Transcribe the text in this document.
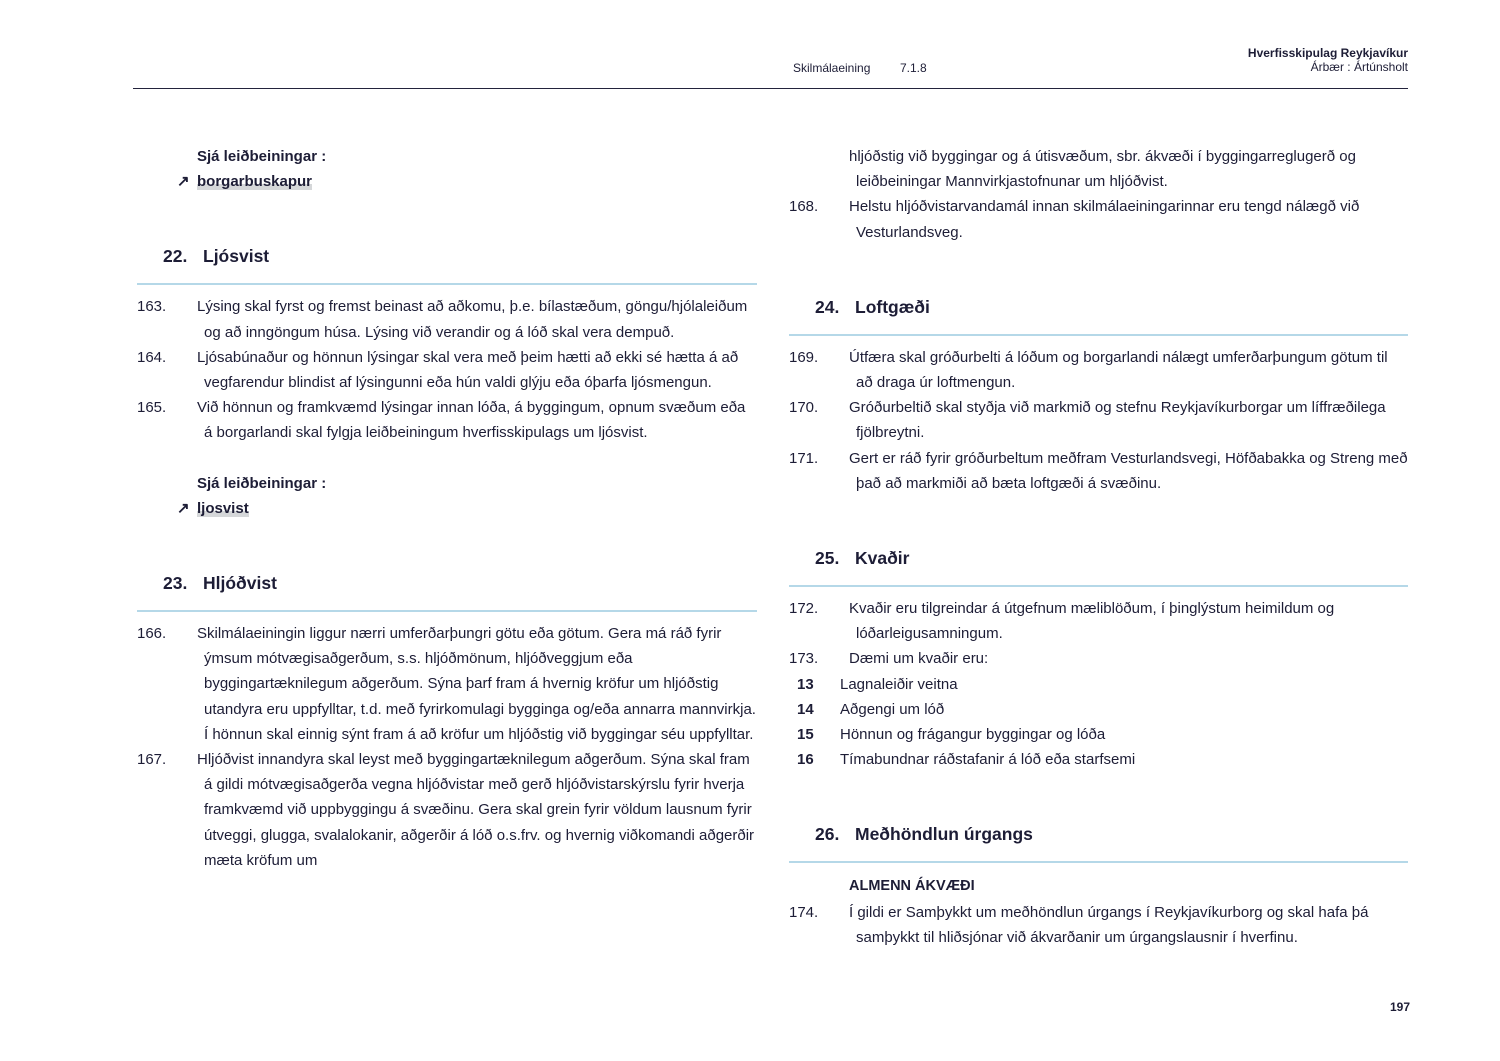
Skilmálaeining 7.1.8
Hverfisskipulag Reykjavíkur
Árbær : Ártúnsholt
Sjá leiðbeiningar :
↗ borgarbuskapur
22. Ljósvist
163.	Lýsing skal fyrst og fremst beinast að aðkomu, þ.e. bílastæðum, göngu/hjólaleiðum og að inngöngum húsa. Lýsing við verandir og á lóð skal vera dempuð.
164.	Ljósabúnaður og hönnun lýsingar skal vera með þeim hætti að ekki sé hætta á að vegfarendur blindist af lýsingunni eða hún valdi glýju eða óþarfa ljósmengun.
165.	Við hönnun og framkvæmd lýsingar innan lóða, á byggingum, opnum svæðum eða á borgarlandi skal fylgja leiðbeiningum hverfisskipulags um ljósvist.
Sjá leiðbeiningar :
↗ ljosvist
23. Hljóðvist
166.	Skilmálaeiningin liggur nærri umferðarþungri götu eða götum. Gera má ráð fyrir ýmsum mótvægisaðgerðum, s.s. hljóðmönum, hljóðveggjum eða byggingartæknilegum aðgerðum. Sýna þarf fram á hvernig kröfur um hljóðstig utandyra eru uppfylltar, t.d. með fyrirkomulagi bygginga og/eða annarra mannvirkja. Í hönnun skal einnig sýnt fram á að kröfur um hljóðstig við byggingar séu uppfylltar.
167.	Hljóðvist innandyra skal leyst með byggingartæknilegum aðgerðum. Sýna skal fram á gildi mótvægisaðgerða vegna hljóðvistar með gerð hljóðvistarskýrslu fyrir hverja framkvæmd við uppbyggingu á svæðinu. Gera skal grein fyrir völdum lausnum fyrir útveggi, glugga, svalalokanir, aðgerðir á lóð o.s.frv. og hvernig viðkomandi aðgerðir mæta kröfum um
hljóðstig við byggingar og á útisvæðum, sbr. ákvæði í byggingarreglugerð og leiðbeiningar Mannvirkjastofnunar um hljóðvist.
168.	Helstu hljóðvistarvandamál innan skilmálaeiningarinnar eru tengd nálægð við Vesturlandsveg.
24. Loftgæði
169.	Útfæra skal gróðurbelti á lóðum og borgarlandi nálægt umferðarþungum götum til að draga úr loftmengun.
170.	Gróðurbeltið skal styðja við markmið og stefnu Reykjavíkurborgar um líffræðilega fjölbreytni.
171.	Gert er ráð fyrir gróðurbeltum meðfram Vesturlandsvegi, Höfðabakka og Streng með það að markmiði að bæta loftgæði á svæðinu.
25. Kvaðir
172.	Kvaðir eru tilgreindar á útgefnum mæliblöðum, í þinglýstum heimildum og lóðarleigusamningum.
173.	Dæmi um kvaðir eru:
13	Lagnaleiðir veitna
14	Aðgengi um lóð
15	Hönnun og frágangur byggingar og lóða
16	Tímabundnar ráðstafanir á lóð eða starfsemi
26. Meðhöndlun úrgangs
ALMENN ÁKVÆÐI
174.	Í gildi er Samþykkt um meðhöndlun úrgangs í Reykjavíkurborg og skal hafa þá samþykkt til hliðsjónar við ákvarðanir um úrgangslausnir í hverfinu.
197
